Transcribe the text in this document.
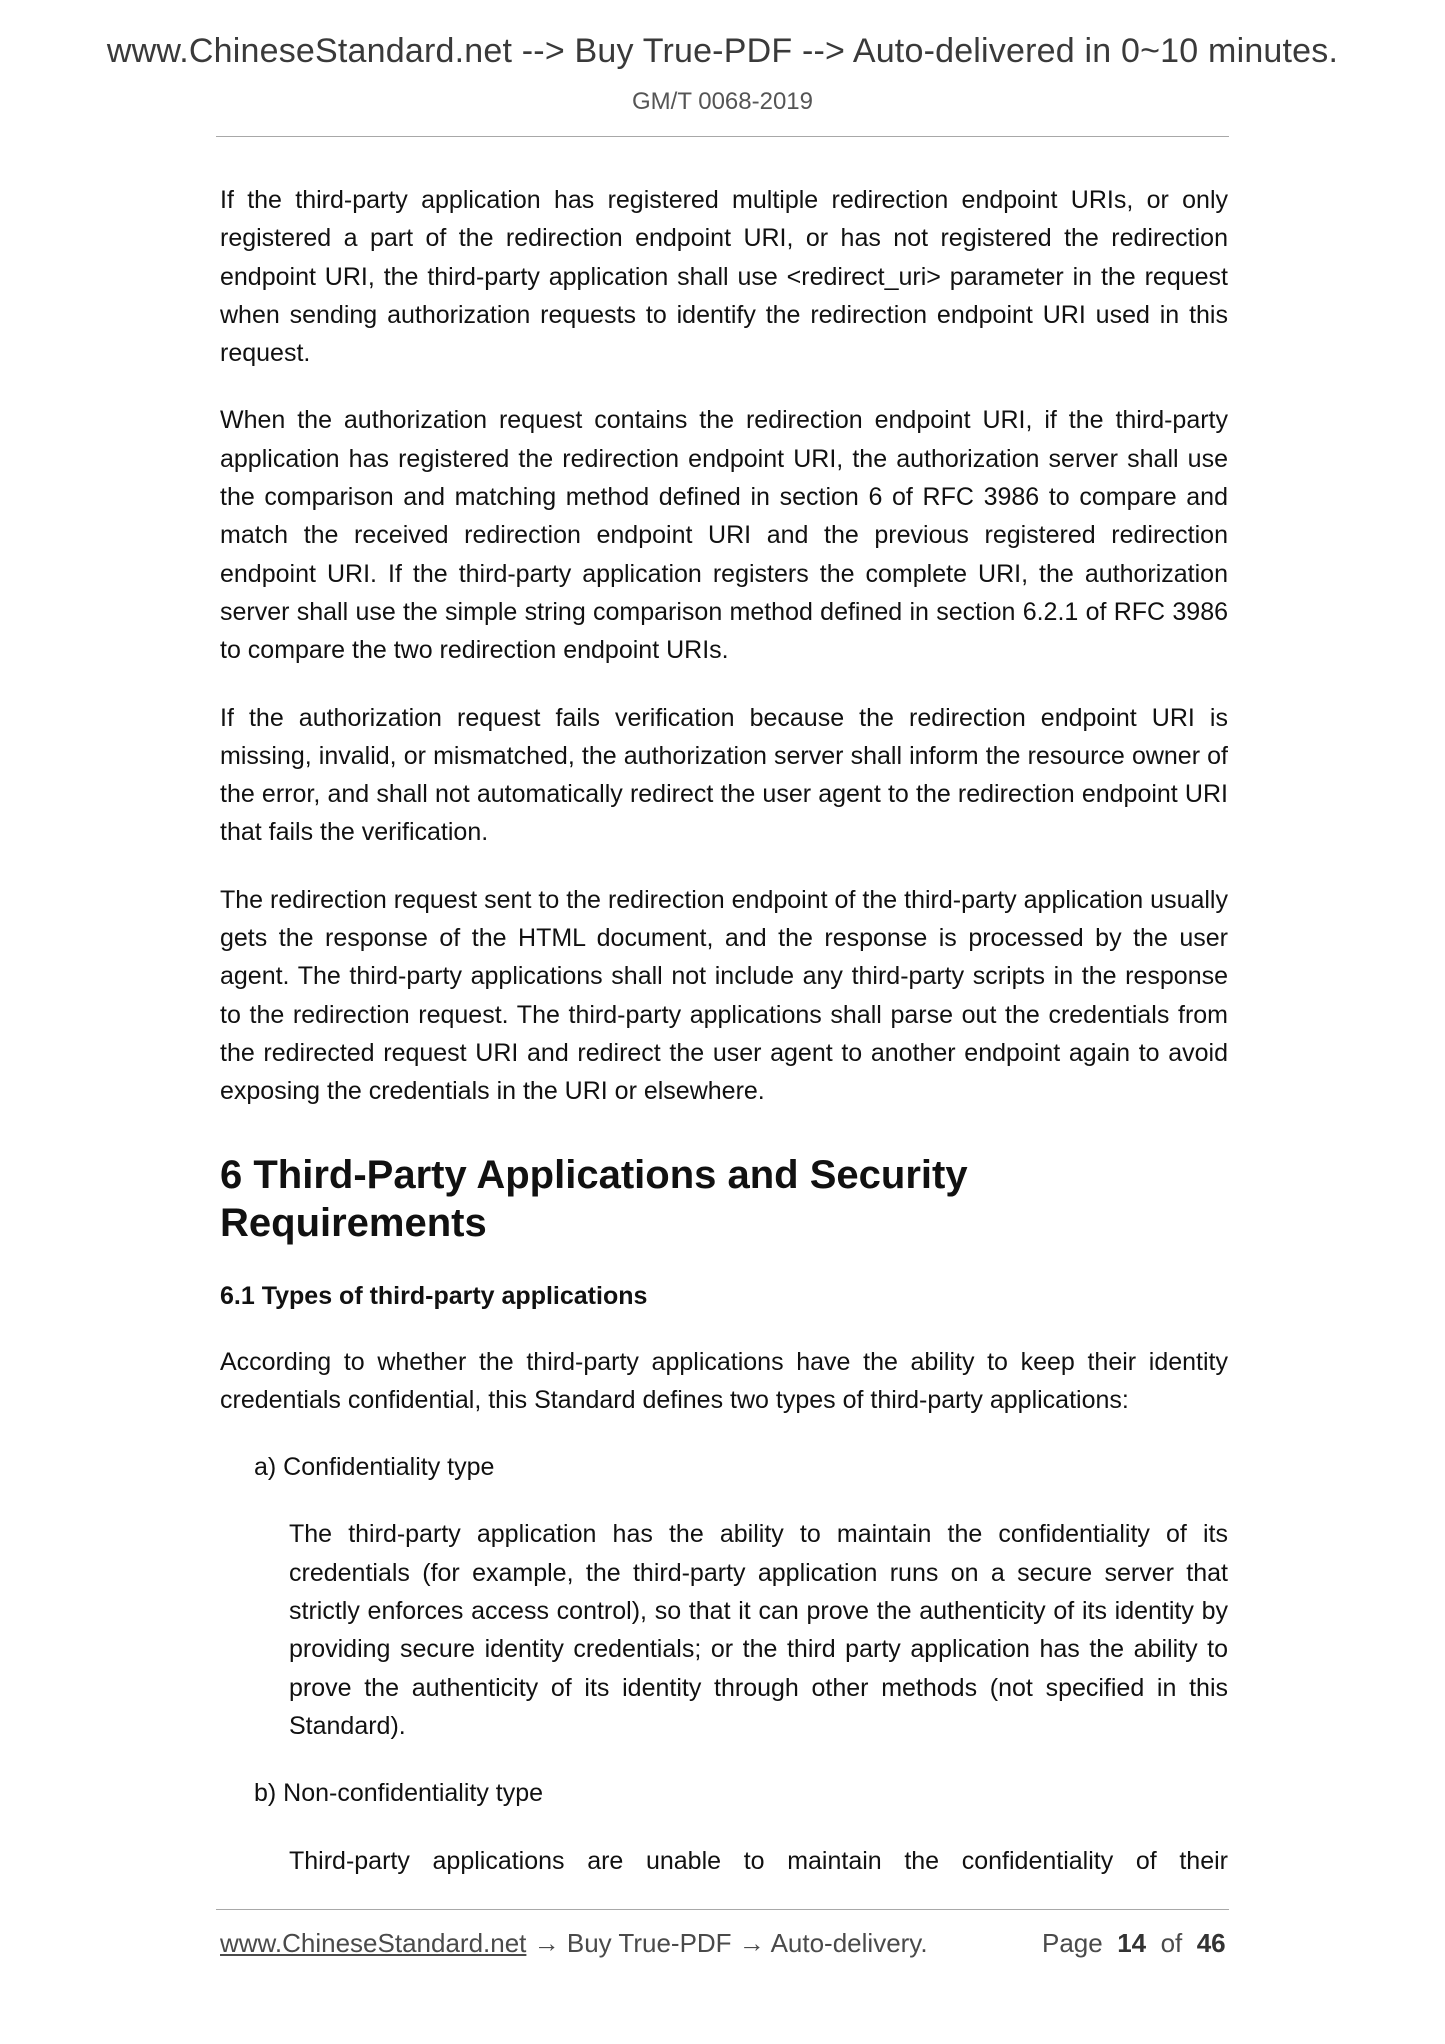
www.ChineseStandard.net --> Buy True-PDF --> Auto-delivered in 0~10 minutes.
GM/T 0068-2019

If the third-party application has registered multiple redirection endpoint URIs, or only registered a part of the redirection endpoint URI, or has not registered the redirection endpoint URI, the third-party application shall use <redirect_uri> parameter in the request when sending authorization requests to identify the redirection endpoint URI used in this request.

When the authorization request contains the redirection endpoint URI, if the third-party application has registered the redirection endpoint URI, the authorization server shall use the comparison and matching method defined in section 6 of RFC 3986 to compare and match the received redirection endpoint URI and the previous registered redirection endpoint URI. If the third-party application registers the complete URI, the authorization server shall use the simple string comparison method defined in section 6.2.1 of RFC 3986 to compare the two redirection endpoint URIs.

If the authorization request fails verification because the redirection endpoint URI is missing, invalid, or mismatched, the authorization server shall inform the resource owner of the error, and shall not automatically redirect the user agent to the redirection endpoint URI that fails the verification.

The redirection request sent to the redirection endpoint of the third-party application usually gets the response of the HTML document, and the response is processed by the user agent. The third-party applications shall not include any third-party scripts in the response to the redirection request. The third-party applications shall parse out the credentials from the redirected request URI and redirect the user agent to another endpoint again to avoid exposing the credentials in the URI or elsewhere.

6 Third-Party Applications and Security Requirements
6.1 Types of third-party applications

According to whether the third-party applications have the ability to keep their identity credentials confidential, this Standard defines two types of third-party applications:

a) Confidentiality type

The third-party application has the ability to maintain the confidentiality of its credentials (for example, the third-party application runs on a secure server that strictly enforces access control), so that it can prove the authenticity of its identity by providing secure identity credentials; or the third party application has the ability to prove the authenticity of its identity through other methods (not specified in this Standard).

b) Non-confidentiality type

Third-party applications are unable to maintain the confidentiality of their

www.ChineseStandard.net → Buy True-PDF → Auto-delivery.	Page 14 of 46
